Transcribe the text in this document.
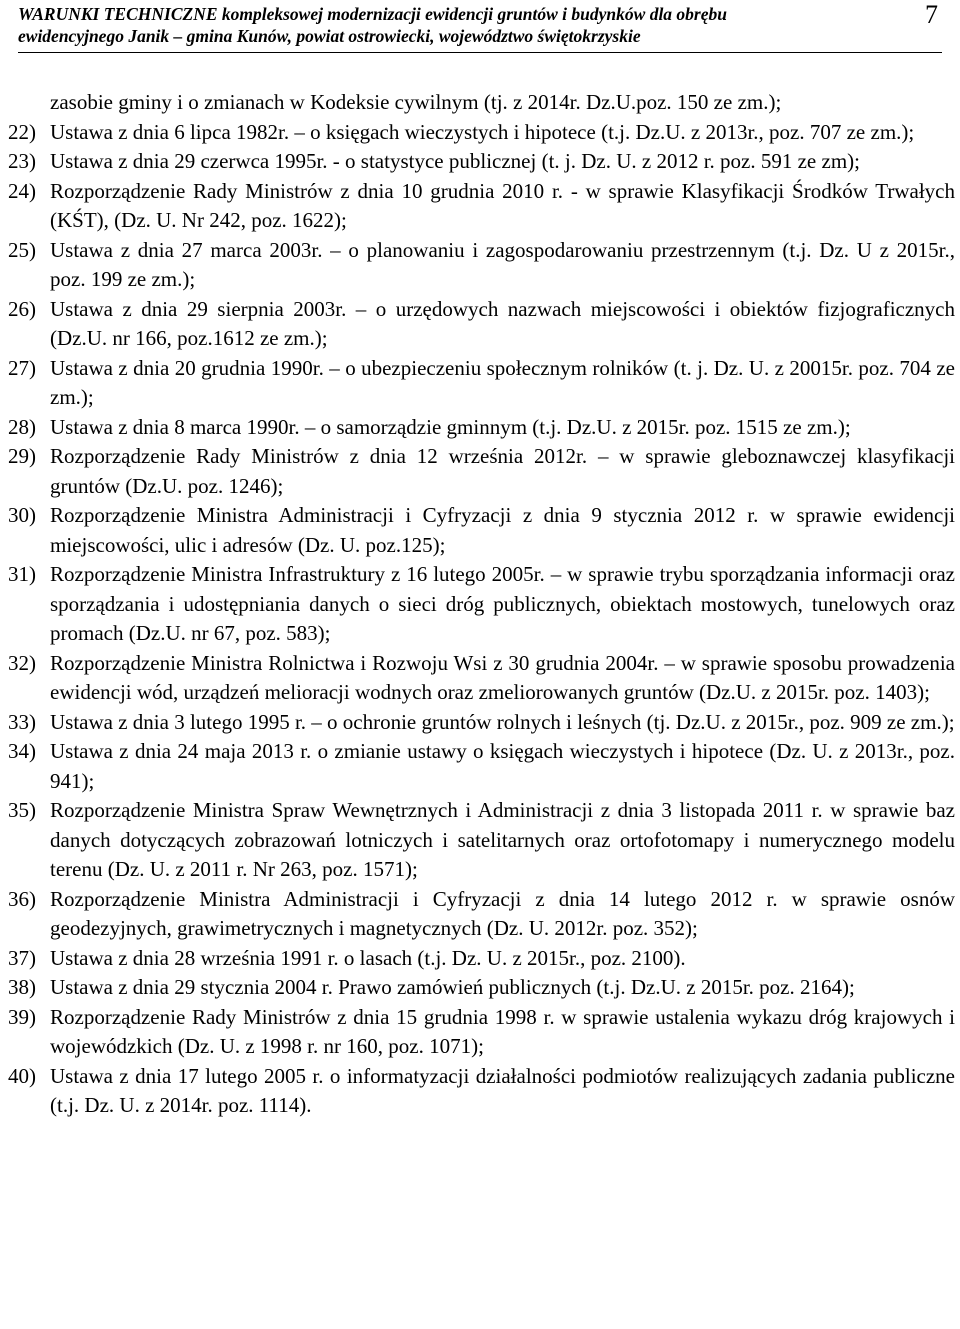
WARUNKI TECHNICZNE kompleksowej modernizacji ewidencji gruntów i budynków dla obrębu
ewidencyjnego Janik – gmina Kunów, powiat ostrowiecki, województwo świętokrzyskie
7
zasobie gminy i o zmianach w Kodeksie cywilnym (tj. z 2014r. Dz.U.poz. 150 ze zm.);
22) Ustawa z dnia 6 lipca 1982r. – o księgach wieczystych i hipotece (t.j. Dz.U. z 2013r., poz. 707 ze zm.);
23) Ustawa z dnia 29 czerwca 1995r. - o statystyce publicznej (t. j. Dz. U. z 2012 r. poz. 591 ze zm);
24) Rozporządzenie Rady Ministrów z dnia 10 grudnia 2010 r. - w sprawie Klasyfikacji Środków Trwałych (KŚT), (Dz. U. Nr 242, poz. 1622);
25) Ustawa z dnia 27 marca 2003r. – o planowaniu i zagospodarowaniu przestrzennym (t.j. Dz. U z 2015r., poz. 199 ze zm.);
26) Ustawa z dnia 29 sierpnia 2003r. – o urzędowych nazwach miejscowości i obiektów fizjograficznych (Dz.U. nr 166, poz.1612 ze zm.);
27) Ustawa z dnia 20 grudnia 1990r. – o ubezpieczeniu społecznym rolników (t. j. Dz. U. z 20015r. poz. 704 ze zm.);
28) Ustawa z dnia 8 marca 1990r. – o samorządzie gminnym (t.j. Dz.U. z 2015r. poz. 1515 ze zm.);
29) Rozporządzenie Rady Ministrów z dnia 12 września 2012r. – w sprawie gleboznawczej klasyfikacji gruntów (Dz.U. poz. 1246);
30) Rozporządzenie Ministra Administracji i Cyfryzacji z dnia 9 stycznia 2012 r. w sprawie ewidencji miejscowości, ulic i adresów (Dz. U. poz.125);
31) Rozporządzenie Ministra Infrastruktury z 16 lutego 2005r. – w sprawie trybu sporządzania informacji oraz sporządzania i udostępniania danych o sieci dróg publicznych, obiektach mostowych, tunelowych oraz promach (Dz.U. nr 67, poz. 583);
32) Rozporządzenie Ministra Rolnictwa i Rozwoju Wsi z 30 grudnia 2004r. – w sprawie sposobu prowadzenia ewidencji wód, urządzeń melioracji wodnych oraz zmeliorowanych gruntów (Dz.U. z 2015r. poz. 1403);
33) Ustawa z dnia 3 lutego 1995 r. – o ochronie gruntów rolnych i leśnych (tj. Dz.U. z 2015r., poz. 909 ze zm.);
34) Ustawa z dnia 24 maja 2013 r. o zmianie ustawy o księgach wieczystych i hipotece (Dz. U. z 2013r., poz. 941);
35) Rozporządzenie Ministra Spraw Wewnętrznych i Administracji z dnia 3 listopada 2011 r. w sprawie baz danych dotyczących zobrazowań lotniczych i satelitarnych oraz ortofotomapy i numerycznego modelu terenu (Dz. U. z 2011 r. Nr 263, poz. 1571);
36) Rozporządzenie Ministra Administracji i Cyfryzacji z dnia 14 lutego 2012 r. w sprawie osnów geodezyjnych, grawimetrycznych i magnetycznych (Dz. U. 2012r. poz. 352);
37) Ustawa z dnia 28 września 1991 r. o lasach (t.j. Dz. U. z 2015r., poz. 2100).
38) Ustawa z dnia 29 stycznia 2004 r. Prawo zamówień publicznych (t.j. Dz.U. z 2015r. poz. 2164);
39) Rozporządzenie Rady Ministrów z dnia 15 grudnia 1998 r. w sprawie ustalenia wykazu dróg krajowych i wojewódzkich (Dz. U. z 1998 r. nr 160, poz. 1071);
40) Ustawa z dnia 17 lutego 2005 r. o informatyzacji działalności podmiotów realizujących zadania publiczne (t.j. Dz. U. z 2014r. poz. 1114).
